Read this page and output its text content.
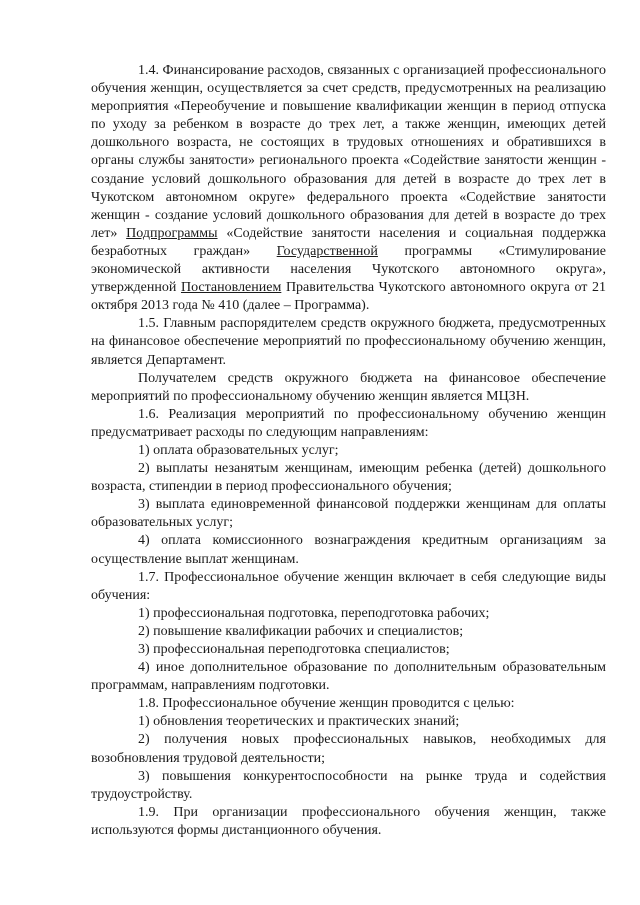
1.4. Финансирование расходов, связанных с организацией профессионального обучения женщин, осуществляется за счет средств, предусмотренных на реализацию мероприятия «Переобучение и повышение квалификации женщин в период отпуска по уходу за ребенком в возрасте до трех лет, а также женщин, имеющих детей дошкольного возраста, не состоящих в трудовых отношениях и обратившихся в органы службы занятости» регионального проекта «Содействие занятости женщин - создание условий дошкольного образования для детей в возрасте до трех лет в Чукотском автономном округе» федерального проекта «Содействие занятости женщин - создание условий дошкольного образования для детей в возрасте до трех лет» Подпрограммы «Содействие занятости населения и социальная поддержка безработных граждан» Государственной программы «Стимулирование экономической активности населения Чукотского автономного округа», утвержденной Постановлением Правительства Чукотского автономного округа от 21 октября 2013 года № 410 (далее – Программа).

1.5. Главным распорядителем средств окружного бюджета, предусмотренных на финансовое обеспечение мероприятий по профессиональному обучению женщин, является Департамент.

Получателем средств окружного бюджета на финансовое обеспечение мероприятий по профессиональному обучению женщин является МЦЗН.

1.6. Реализация мероприятий по профессиональному обучению женщин предусматривает расходы по следующим направлениям:

1) оплата образовательных услуг;

2) выплаты незанятым женщинам, имеющим ребенка (детей) дошкольного возраста, стипендии в период профессионального обучения;

3) выплата единовременной финансовой поддержки женщинам для оплаты образовательных услуг;

4) оплата комиссионного вознаграждения кредитным организациям за осуществление выплат женщинам.

1.7. Профессиональное обучение женщин включает в себя следующие виды обучения:

1) профессиональная подготовка, переподготовка рабочих;

2) повышение квалификации рабочих и специалистов;

3) профессиональная переподготовка специалистов;

4) иное дополнительное образование по дополнительным образовательным программам, направлениям подготовки.

1.8. Профессиональное обучение женщин проводится с целью:

1) обновления теоретических и практических знаний;

2) получения новых профессиональных навыков, необходимых для возобновления трудовой деятельности;

3) повышения конкурентоспособности на рынке труда и содействия трудоустройству.

1.9. При организации профессионального обучения женщин, также используются формы дистанционного обучения.
